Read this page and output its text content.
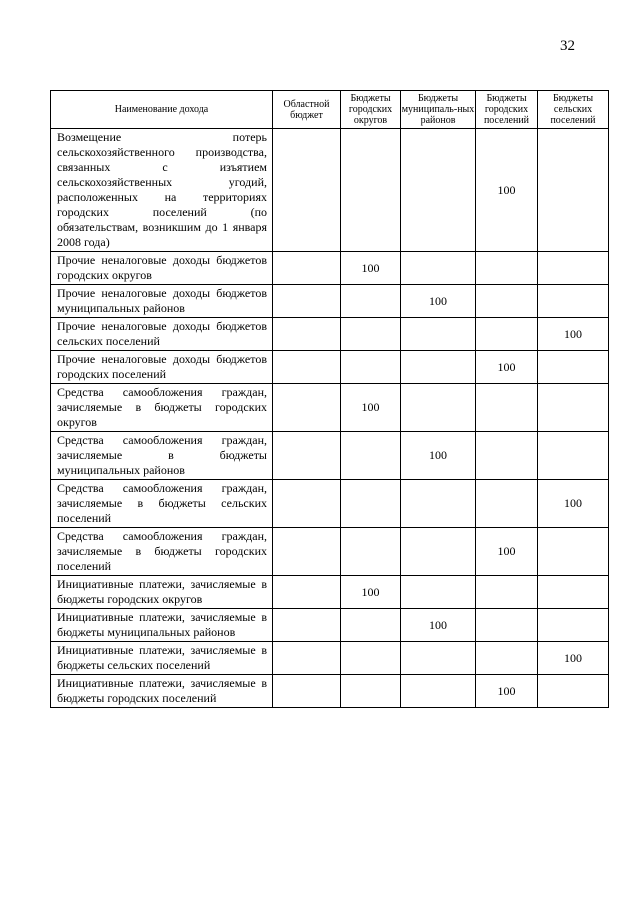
32
Наименование дохода	Областной бюджет	Бюджеты городских округов	Бюджеты муниципаль-ных районов	Бюджеты городских поселений	Бюджеты сельских поселений
Возмещение потерь сельскохозяйственного производства, связанных с изъятием сельскохозяйственных угодий, расположенных на территориях городских поселений (по обязательствам, возникшим до 1 января 2008 года)				100	
Прочие неналоговые доходы бюджетов городских округов		100			
Прочие неналоговые доходы бюджетов муниципальных районов			100		
Прочие неналоговые доходы бюджетов сельских поселений					100
Прочие неналоговые доходы бюджетов городских поселений				100	
Средства самообложения граждан, зачисляемые в бюджеты городских округов		100			
Средства самообложения граждан, зачисляемые в бюджеты муниципальных районов			100		
Средства самообложения граждан, зачисляемые в бюджеты сельских поселений					100
Средства самообложения граждан, зачисляемые в бюджеты городских поселений				100	
Инициативные платежи, зачисляемые в бюджеты городских округов		100			
Инициативные платежи, зачисляемые в бюджеты муниципальных районов			100		
Инициативные платежи, зачисляемые в бюджеты сельских поселений					100
Инициативные платежи, зачисляемые в бюджеты городских поселений				100	
